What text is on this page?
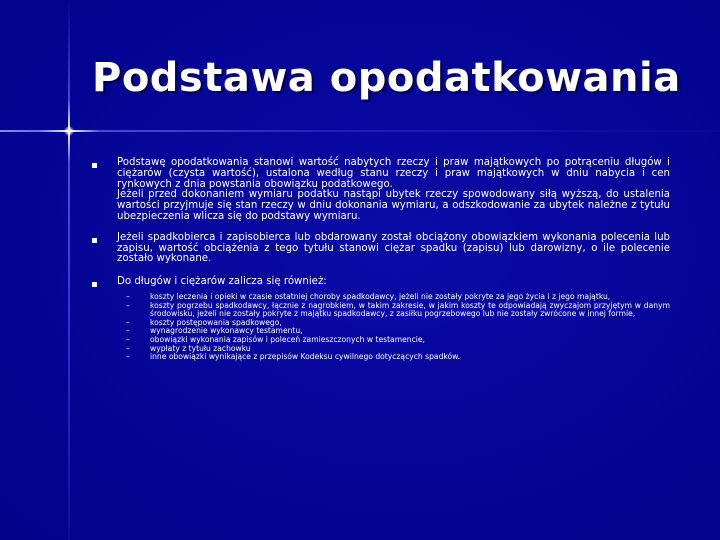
Podstawa opodatkowania
Podstawę opodatkowania stanowi wartość nabytych rzeczy i praw majątkowych po potrąceniu długów i ciężarów (czysta wartość), ustalona według stanu rzeczy i praw majątkowych w dniu nabycia i cen rynkowych z dnia powstania obowiązku podatkowego.
Jeżeli przed dokonaniem wymiaru podatku nastąpi ubytek rzeczy spowodowany siłą wyższą, do ustalenia wartości przyjmuje się stan rzeczy w dniu dokonania wymiaru, a odszkodowanie za ubytek należne z tytułu ubezpieczenia wlicza się do podstawy wymiaru.
Jeżeli spadkobierca i zapisobierca lub obdarowany został obciążony obowiązkiem wykonania polecenia lub zapisu, wartość obciążenia z tego tytułu stanowi ciężar spadku (zapisu) lub darowizny, o ile polecenie zostało wykonane.
Do długów i ciężarów zalicza się również:
–	koszty leczenia i opieki w czasie ostatniej choroby spadkodawcy, jeżeli nie zostały pokryte za jego życia i z jego majątku,
–	koszty pogrzebu spadkodawcy, łącznie z nagrobkiem, w takim zakresie, w jakim koszty te odpowiadają zwyczajom przyjętym w danym środowisku, jeżeli nie zostały pokryte z majątku spadkodawcy, z zasiłku pogrzebowego lub nie zostały zwrócone w innej formie,
–	koszty postępowania spadkowego,
–	wynagrodzenie wykonawcy testamentu,
–	obowiązki wykonania zapisów i poleceń zamieszczonych w testamencie,
–	wypłaty z tytułu zachowku
–	inne obowiązki wynikające z przepisów Kodeksu cywilnego dotyczących spadków.
